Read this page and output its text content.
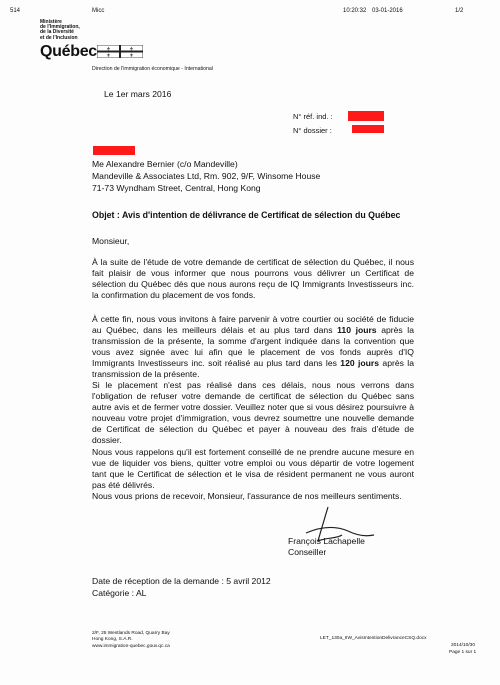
514	Micc	10:20:32 03-01-2016	1/2
Ministère
de l'Immigration,
de la Diversité
et de l'Inclusion
Québec ⚜	⚜
⚜	⚜
Direction de l'immigration économique - International
Le 1er mars 2016
N° réf. ind. :
N° dossier :
Me Alexandre Bernier (c/o Mandeville)
Mandeville & Associates Ltd, Rm. 902, 9/F, Winsome House
71-73 Wyndham Street, Central, Hong Kong
Objet : Avis d'intention de délivrance de Certificat de sélection du Québec
Monsieur,
À la suite de l'étude de votre demande de certificat de sélection du Québec, il nous fait plaisir de vous informer que nous pourrons vous délivrer un Certificat de sélection du Québec dès que nous aurons reçu de IQ Immigrants Investisseurs inc. la confirmation du placement de vos fonds.
À cette fin, nous vous invitons à faire parvenir à votre courtier ou société de fiducie au Québec, dans les meilleurs délais et au plus tard dans 110 jours après la transmission de la présente, la somme d'argent indiquée dans la convention que vous avez signée avec lui afin que le placement de vos fonds auprès d'IQ Immigrants Investisseurs inc. soit réalisé au plus tard dans les 120 jours après la transmission de la présente.
Si le placement n'est pas réalisé dans ces délais, nous nous verrons dans l'obligation de refuser votre demande de certificat de sélection du Québec sans autre avis et de fermer votre dossier. Veuillez noter que si vous désirez poursuivre à nouveau votre projet d'immigration, vous devrez soumettre une nouvelle demande de Certificat de sélection du Québec et payer à nouveau des frais d'étude de dossier.
Nous vous rappelons qu'il est fortement conseillé de ne prendre aucune mesure en vue de liquider vos biens, quitter votre emploi ou vous départir de votre logement tant que le Certificat de sélection et le visa de résident permanent ne vous auront pas été délivrés.
Nous vous prions de recevoir, Monsieur, l'assurance de nos meilleurs sentiments.
François Lachapelle
Conseiller
Date de réception de la demande : 5 avril 2012
Catégorie : AL
2/F, 25 Westlands Road, Quarry Bay
Hong Kong, S.A.R.
www.immigration-quebec.gouv.qc.ca
LET_130a_IIW_AvisIntentionDelivranceCSQ.docx
2014/10/30
Page 1 sur 1
